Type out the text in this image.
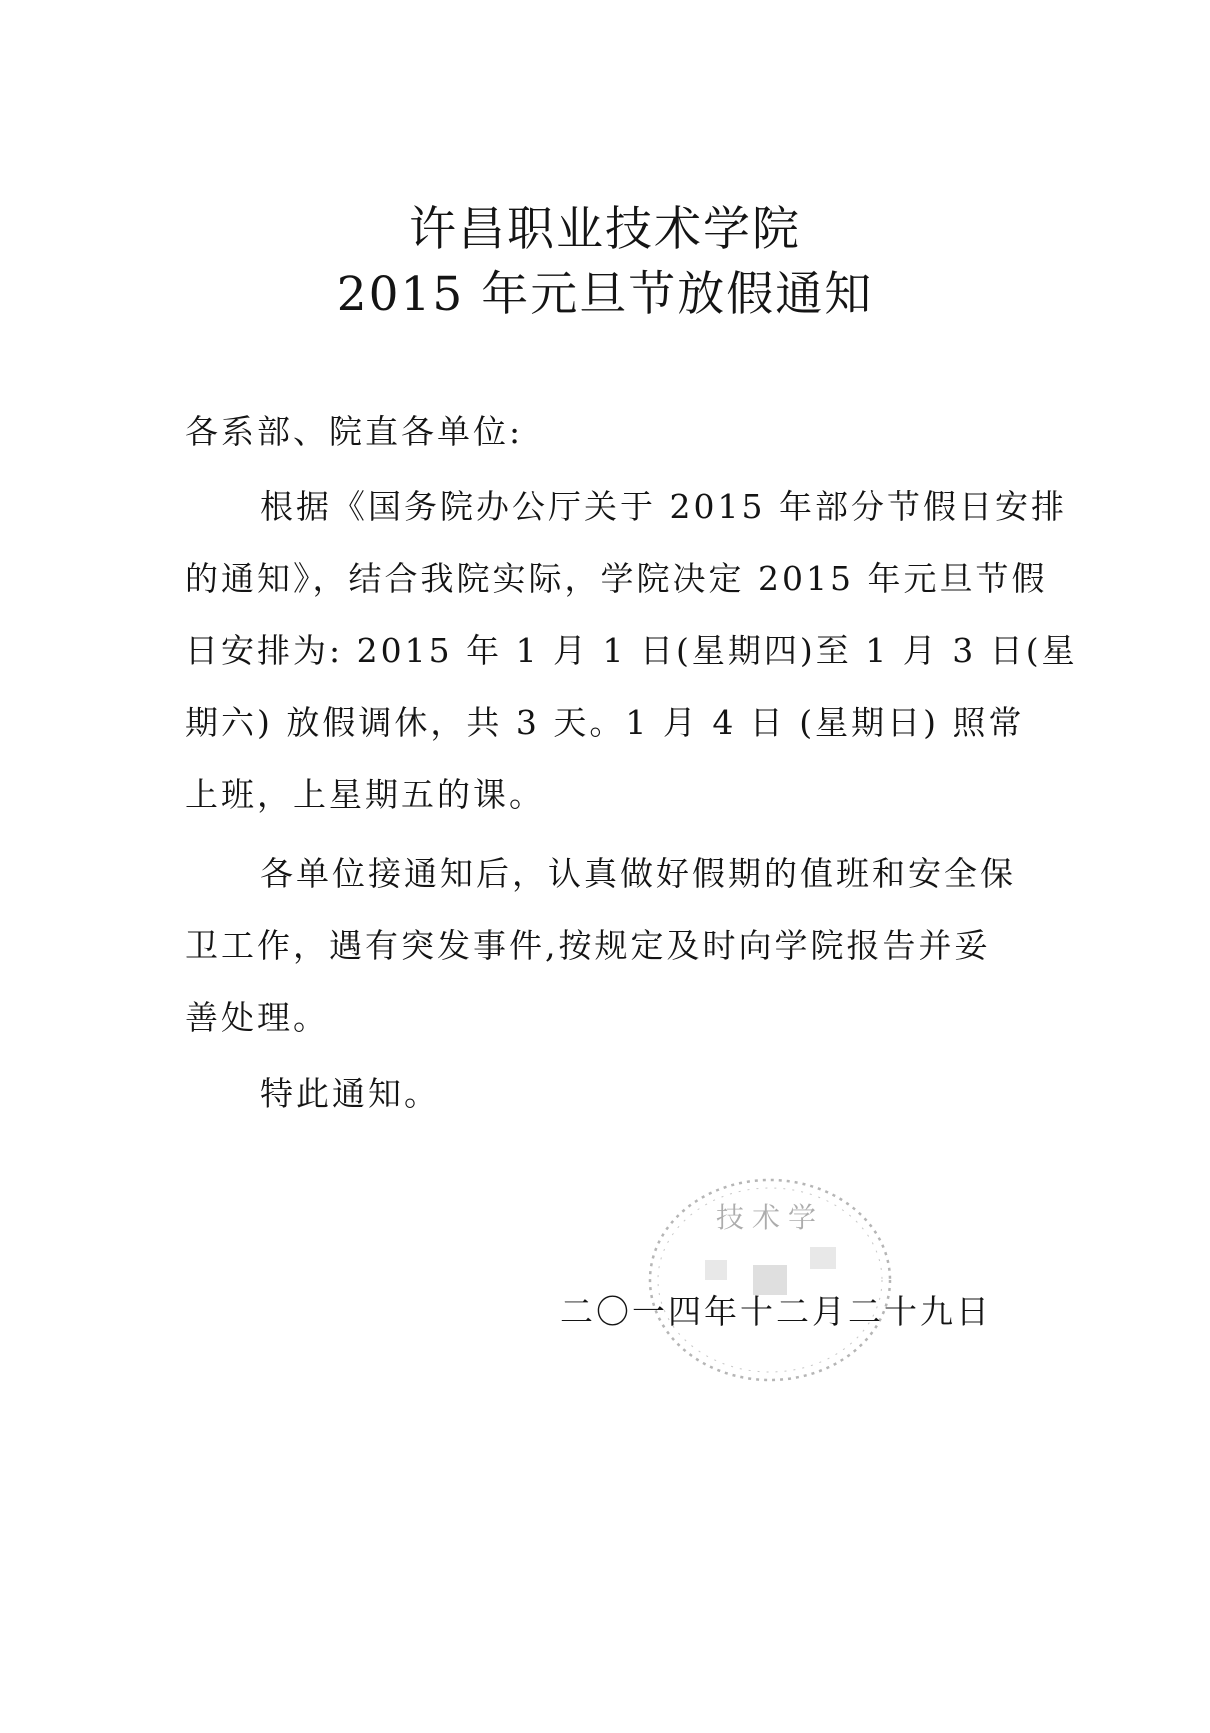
许昌职业技术学院
2015 年元旦节放假通知
各系部、院直各单位:
根据《国务院办公厅关于 2015 年部分节假日安排
的通知》，结合我院实际，学院决定 2015 年元旦节假
日安排为: 2015 年 1 月 1 日(星期四)至 1 月 3 日(星
期六) 放假调休，共 3 天。1 月 4 日 (星期日) 照常
上班，上星期五的课。
各单位接通知后，认真做好假期的值班和安全保
卫工作，遇有突发事件,按规定及时向学院报告并妥
善处理。
特此通知。
技术学
二〇一四年十二月二十九日
